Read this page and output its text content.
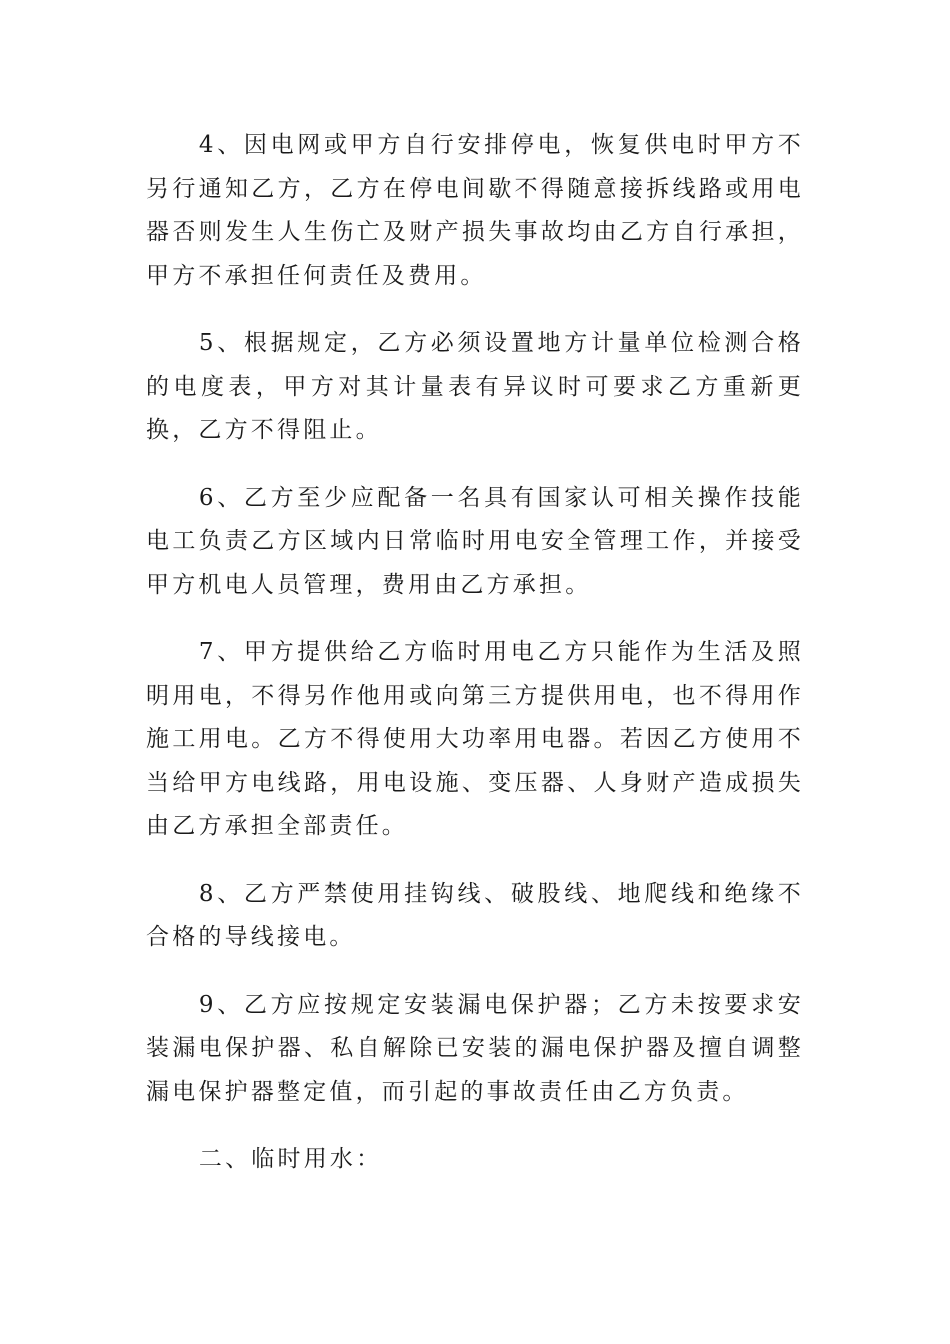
4、因电网或甲方自行安排停电，恢复供电时甲方不另行通知乙方，乙方在停电间歇不得随意接拆线路或用电器否则发生人生伤亡及财产损失事故均由乙方自行承担，甲方不承担任何责任及费用。

5、根据规定，乙方必须设置地方计量单位检测合格的电度表，甲方对其计量表有异议时可要求乙方重新更换，乙方不得阻止。

6、乙方至少应配备一名具有国家认可相关操作技能电工负责乙方区域内日常临时用电安全管理工作，并接受甲方机电人员管理，费用由乙方承担。

7、甲方提供给乙方临时用电乙方只能作为生活及照明用电，不得另作他用或向第三方提供用电，也不得用作施工用电。乙方不得使用大功率用电器。若因乙方使用不当给甲方电线路，用电设施、变压器、人身财产造成损失由乙方承担全部责任。

8、乙方严禁使用挂钩线、破股线、地爬线和绝缘不合格的导线接电。

9、乙方应按规定安装漏电保护器；乙方未按要求安装漏电保护器、私自解除已安装的漏电保护器及擅自调整漏电保护器整定值，而引起的事故责任由乙方负责。

二、临时用水：
